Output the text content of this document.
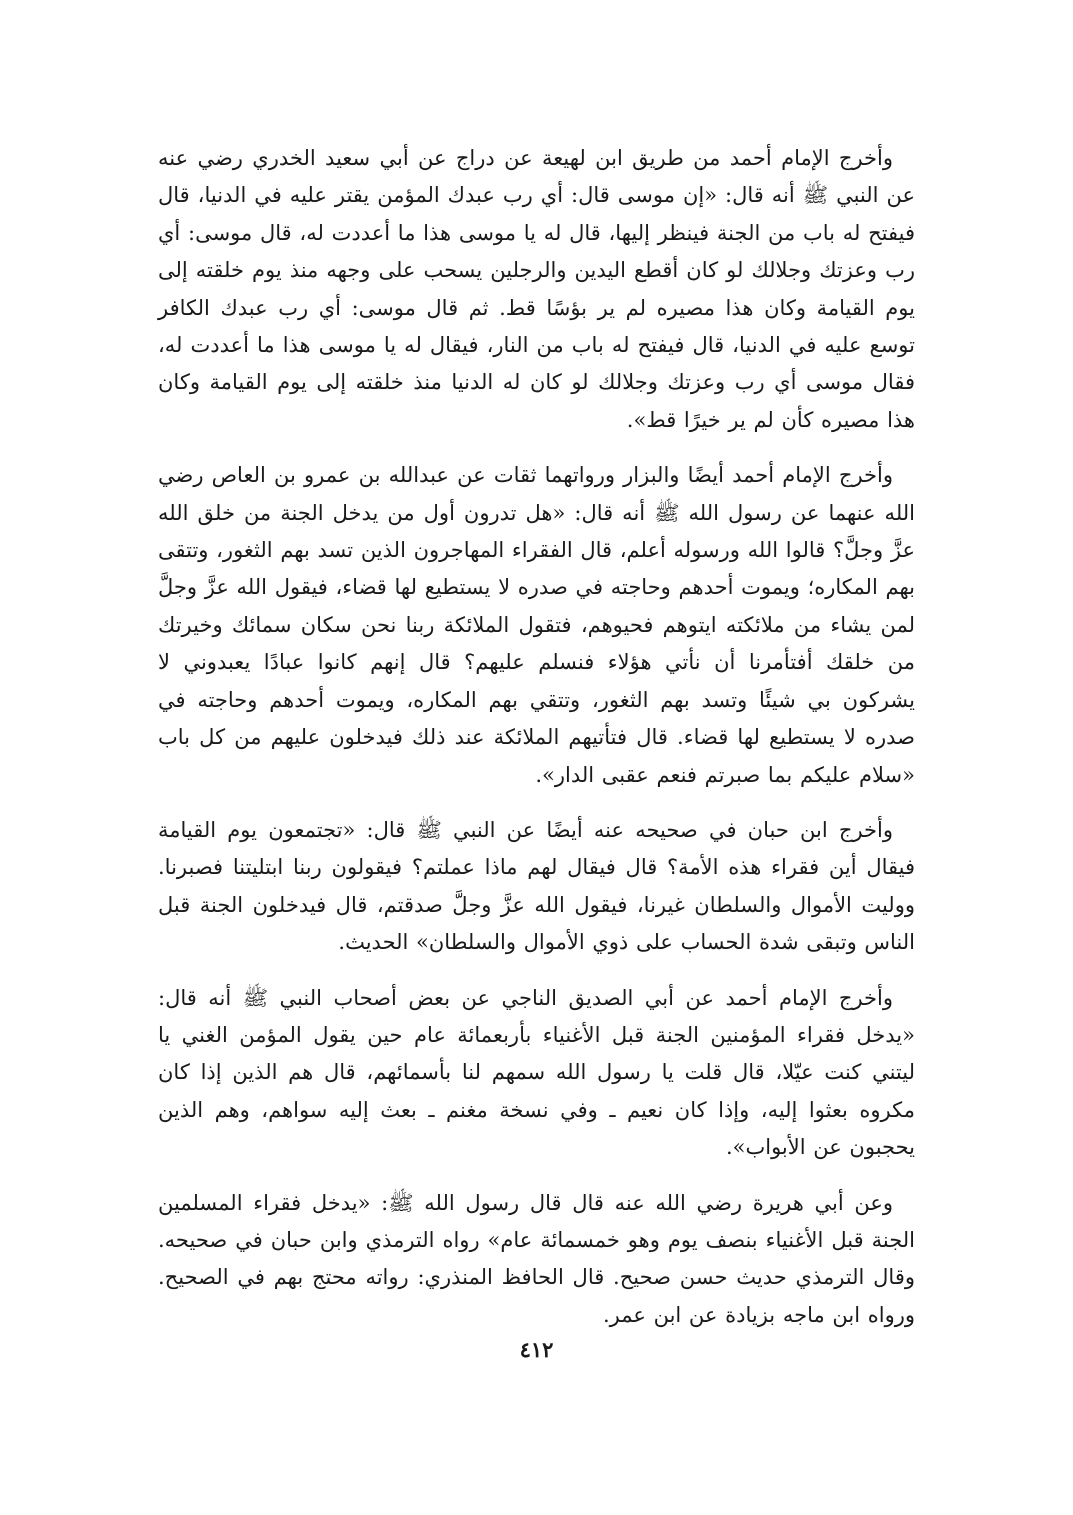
وأخرج الإمام أحمد من طريق ابن لهيعة عن دراج عن أبي سعيد الخدري رضي عنه عن النبي ﷺ أنه قال: «إن موسى قال: أي رب عبدك المؤمن يقتر عليه في الدنيا، قال فيفتح له باب من الجنة فينظر إليها، قال له يا موسى هذا ما أعددت له، قال موسى: أي رب وعزتك وجلالك لو كان أقطع اليدين والرجلين يسحب على وجهه منذ يوم خلقته إلى يوم القيامة وكان هذا مصيره لم ير بؤسًا قط. ثم قال موسى: أي رب عبدك الكافر توسع عليه في الدنيا، قال فيفتح له باب من النار، فيقال له يا موسى هذا ما أعددت له، فقال موسى أي رب وعزتك وجلالك لو كان له الدنيا منذ خلقته إلى يوم القيامة وكان هذا مصيره كأن لم ير خيرًا قط».

وأخرج الإمام أحمد أيضًا والبزار ورواتهما ثقات عن عبدالله بن عمرو بن العاص رضي الله عنهما عن رسول الله ﷺ أنه قال: «هل تدرون أول من يدخل الجنة من خلق الله عزَّ وجلَّ؟ قالوا الله ورسوله أعلم، قال الفقراء المهاجرون الذين تسد بهم الثغور، وتتقى بهم المكاره؛ ويموت أحدهم وحاجته في صدره لا يستطيع لها قضاء، فيقول الله عزَّ وجلَّ لمن يشاء من ملائكته ايتوهم فحيوهم، فتقول الملائكة ربنا نحن سكان سمائك وخيرتك من خلقك أفتأمرنا أن نأتي هؤلاء فنسلم عليهم؟ قال إنهم كانوا عبادًا يعبدوني لا يشركون بي شيئًا وتسد بهم الثغور، وتتقي بهم المكاره، ويموت أحدهم وحاجته في صدره لا يستطيع لها قضاء. قال فتأتيهم الملائكة عند ذلك فيدخلون عليهم من كل باب «سلام عليكم بما صبرتم فنعم عقبى الدار».

وأخرج ابن حبان في صحيحه عنه أيضًا عن النبي ﷺ قال: «تجتمعون يوم القيامة فيقال أين فقراء هذه الأمة؟ قال فيقال لهم ماذا عملتم؟ فيقولون ربنا ابتليتنا فصبرنا. ووليت الأموال والسلطان غيرنا، فيقول الله عزَّ وجلَّ صدقتم، قال فيدخلون الجنة قبل الناس وتبقى شدة الحساب على ذوي الأموال والسلطان» الحديث.

وأخرج الإمام أحمد عن أبي الصديق الناجي عن بعض أصحاب النبي ﷺ أنه قال: «يدخل فقراء المؤمنين الجنة قبل الأغنياء بأربعمائة عام حين يقول المؤمن الغني يا ليتني كنت عيّلا، قال قلت يا رسول الله سمهم لنا بأسمائهم، قال هم الذين إذا كان مكروه بعثوا إليه، وإذا كان نعيم ـ وفي نسخة مغنم ـ بعث إليه سواهم، وهم الذين يحجبون عن الأبواب».

وعن أبي هريرة رضي الله عنه قال قال رسول الله ﷺ: «يدخل فقراء المسلمين الجنة قبل الأغنياء بنصف يوم وهو خمسمائة عام» رواه الترمذي وابن حبان في صحيحه. وقال الترمذي حديث حسن صحيح. قال الحافظ المنذري: رواته محتج بهم في الصحيح. ورواه ابن ماجه بزيادة عن ابن عمر.

٤١٢
